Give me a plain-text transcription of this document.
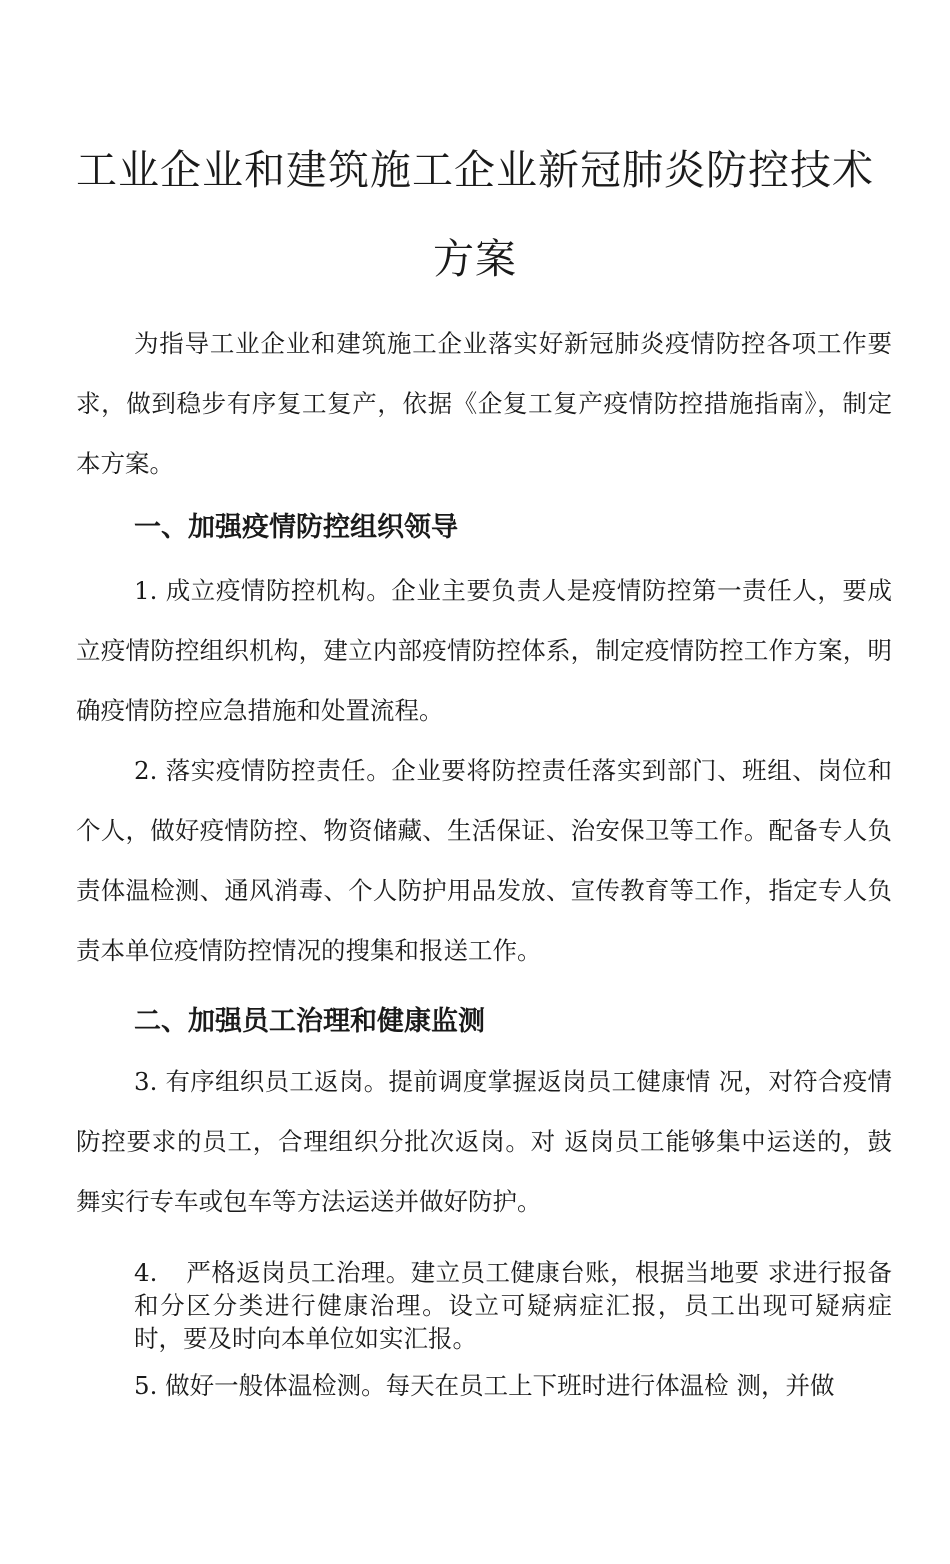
工业企业和建筑施工企业新冠肺炎防控技术
方案

为指导工业企业和建筑施工企业落实好新冠肺炎疫情防控各项工作要求，做到稳步有序复工复产，依据《企复工复产疫情防控措施指南》，制定本方案。

一、加强疫情防控组织领导

1. 成立疫情防控机构。企业主要负责人是疫情防控第一责任人，要成立疫情防控组织机构，建立内部疫情防控体系，制定疫情防控工作方案，明确疫情防控应急措施和处置流程。

2. 落实疫情防控责任。企业要将防控责任落实到部门、班组、岗位和个人，做好疫情防控、物资储藏、生活保证、治安保卫等工作。配备专人负责体温检测、通风消毒、个人防护用品发放、宣传教育等工作，指定专人负责本单位疫情防控情况的搜集和报送工作。

二、加强员工治理和健康监测

3. 有序组织员工返岗。提前调度掌握返岗员工健康情 况，对符合疫情防控要求的员工，合理组织分批次返岗。对 返岗员工能够集中运送的，鼓舞实行专车或包车等方法运送并做好防护。

4. 严格返岗员工治理。建立员工健康台账，根据当地要 求进行报备和分区分类进行健康治理。设立可疑病症汇报，员工出现可疑病症时，要及时向本单位如实汇报。

5. 做好一般体温检测。每天在员工上下班时进行体温检 测，并做
